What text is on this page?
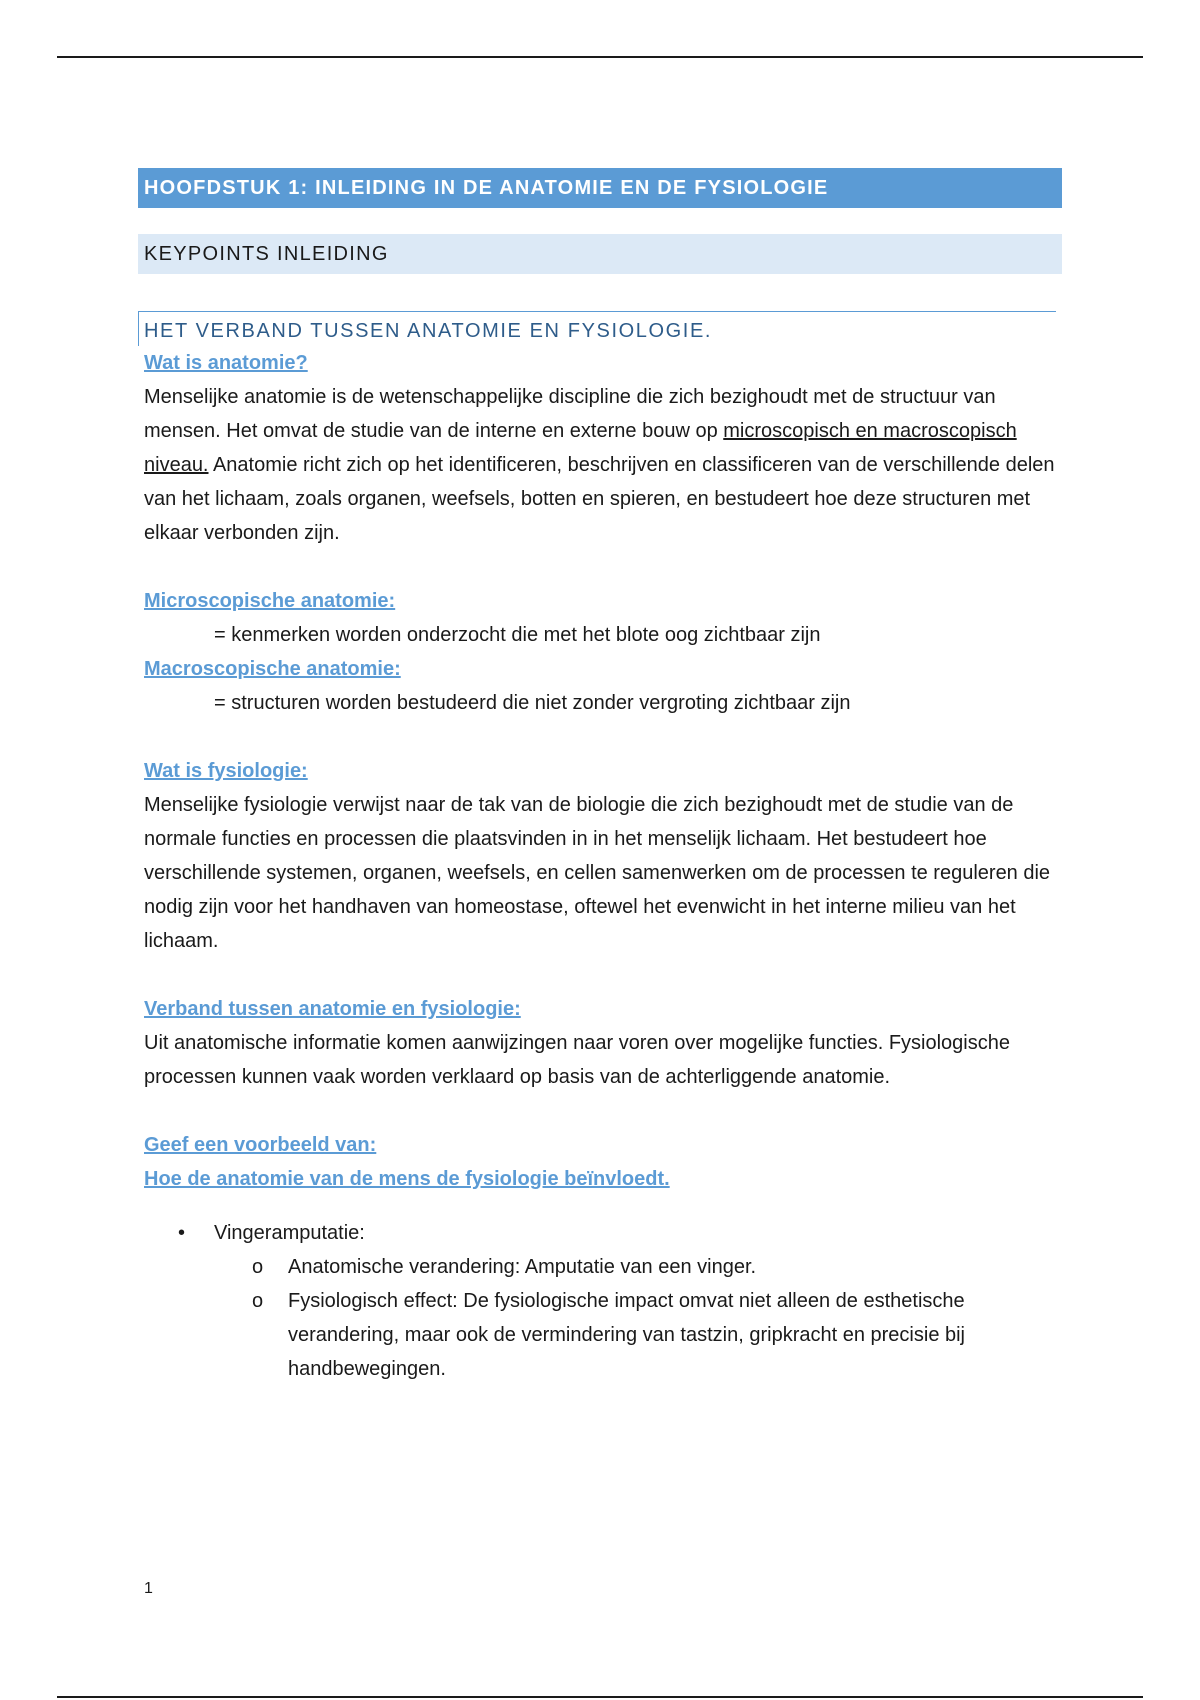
HOOFDSTUK 1: INLEIDING IN DE ANATOMIE EN DE FYSIOLOGIE
KEYPOINTS INLEIDING
HET VERBAND TUSSEN ANATOMIE EN FYSIOLOGIE.
Wat is anatomie?

Menselijke anatomie is de wetenschappelijke discipline die zich bezighoudt met de structuur van mensen. Het omvat de studie van de interne en externe bouw op microscopisch en macroscopisch niveau. Anatomie richt zich op het identificeren, beschrijven en classificeren van de verschillende delen van het lichaam, zoals organen, weefsels, botten en spieren, en bestudeert hoe deze structuren met elkaar verbonden zijn.

Microscopische anatomie:
= kenmerken worden onderzocht die met het blote oog zichtbaar zijn
Macroscopische anatomie:
= structuren worden bestudeerd die niet zonder vergroting zichtbaar zijn
Wat is fysiologie:

Menselijke fysiologie verwijst naar de tak van de biologie die zich bezighoudt met de studie van de normale functies en processen die plaatsvinden in in het menselijk lichaam. Het bestudeert hoe verschillende systemen, organen, weefsels, en cellen samenwerken om de processen te reguleren die nodig zijn voor het handhaven van homeostase, oftewel het evenwicht in het interne milieu van het lichaam.

Verband tussen anatomie en fysiologie:

Uit anatomische informatie komen aanwijzingen naar voren over mogelijke functies. Fysiologische processen kunnen vaak worden verklaard op basis van de achterliggende anatomie.

Geef een voorbeeld van:
Hoe de anatomie van de mens de fysiologie beïnvloedt.
• Vingeramputatie:
o Anatomische verandering: Amputatie van een vinger.
o Fysiologisch effect: De fysiologische impact omvat niet alleen de esthetische verandering, maar ook de vermindering van tastzin, gripkracht en precisie bij handbewegingen.
1
